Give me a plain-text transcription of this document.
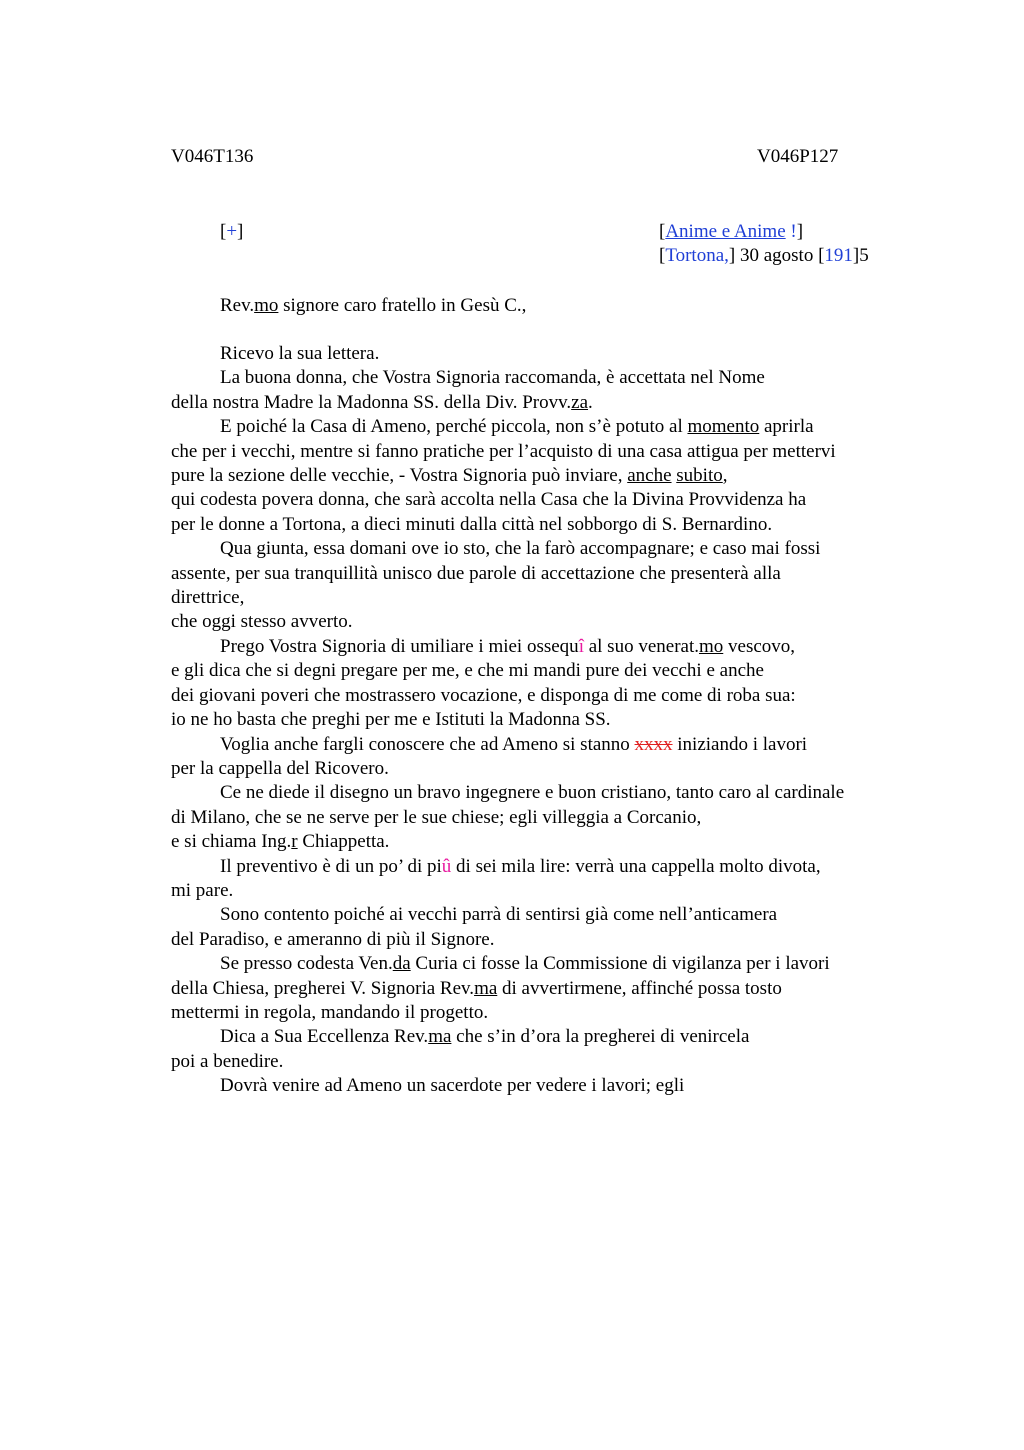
V046T136	V046P127
[+]	[Anime e Anime !]
[Tortona,] 30 agosto [191]5
Rev.mo signore caro fratello in Gesù C.,
Ricevo la sua lettera.
La buona donna, che Vostra Signoria raccomanda, è accettata nel Nome
della nostra Madre la Madonna SS. della Div. Provv.za.
E poiché la Casa di Ameno, perché piccola, non s’è potuto al momento aprirla
che per i vecchi, mentre si fanno pratiche per l’acquisto di una casa attigua per mettervi
pure la sezione delle vecchie, - Vostra Signoria può inviare, anche subito,
qui codesta povera donna, che sarà accolta nella Casa che la Divina Provvidenza ha
per le donne a Tortona, a dieci minuti dalla città nel sobborgo di S. Bernardino.
Qua giunta, essa domani ove io sto, che la farò accompagnare; e caso mai fossi
assente, per sua tranquillità unisco due parole di accettazione che presenterà alla
direttrice,
che oggi stesso avverto.
Prego Vostra Signoria di umiliare i miei ossequî al suo venerat.mo vescovo,
e gli dica che si degni pregare per me, e che mi mandi pure dei vecchi e anche
dei giovani poveri che mostrassero vocazione, e disponga di me come di roba sua:
io ne ho basta che preghi per me e Istituti la Madonna SS.
Voglia anche fargli conoscere che ad Ameno si stanno xxxx iniziando i lavori
per la cappella del Ricovero.
Ce ne diede il disegno un bravo ingegnere e buon cristiano, tanto caro al cardinale
di Milano, che se ne serve per le sue chiese; egli villeggia a Corcanio,
e si chiama Ing.r Chiappetta.
Il preventivo è di un po’ di piû di sei mila lire: verrà una cappella molto divota,
mi pare.
Sono contento poiché ai vecchi parrà di sentirsi già come nell’anticamera
del Paradiso, e ameranno di più il Signore.
Se presso codesta Ven.da Curia ci fosse la Commissione di vigilanza per i lavori
della Chiesa, pregherei V. Signoria Rev.ma di avvertirmene, affinché possa tosto
mettermi in regola, mandando il progetto.
Dica a Sua Eccellenza Rev.ma che s’in d’ora la pregherei di venircela
poi a benedire.
Dovrà venire ad Ameno un sacerdote per vedere i lavori; egli
